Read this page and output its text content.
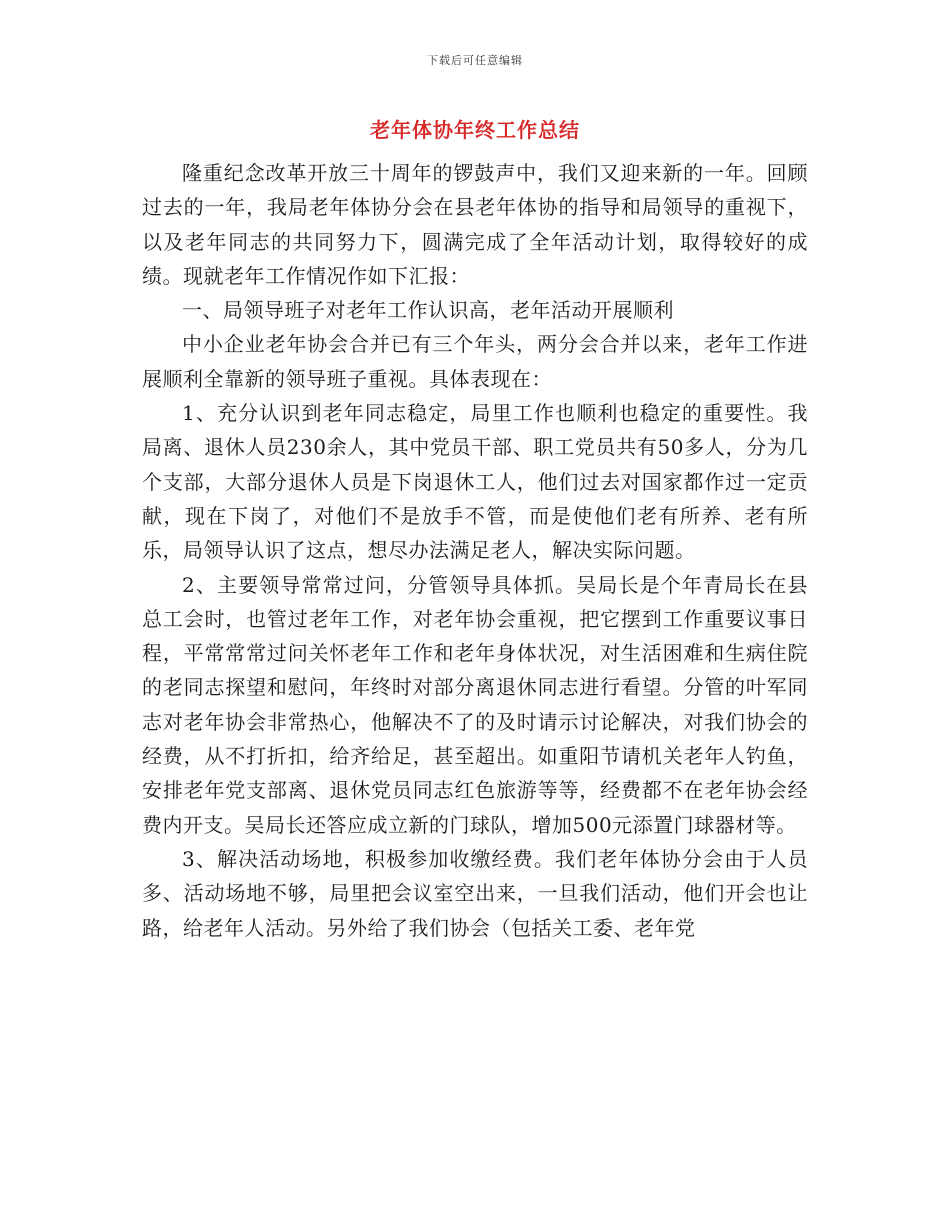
下载后可任意编辑
老年体协年终工作总结

隆重纪念改革开放三十周年的锣鼓声中，我们又迎来新的一年。回顾过去的一年，我局老年体协分会在县老年体协的指导和局领导的重视下，以及老年同志的共同努力下，圆满完成了全年活动计划，取得较好的成绩。现就老年工作情况作如下汇报：

一、局领导班子对老年工作认识高，老年活动开展顺利

中小企业老年协会合并已有三个年头，两分会合并以来，老年工作进展顺利全靠新的领导班子重视。具体表现在：

1、充分认识到老年同志稳定，局里工作也顺利也稳定的重要性。我局离、退休人员230余人，其中党员干部、职工党员共有50多人，分为几个支部，大部分退休人员是下岗退休工人，他们过去对国家都作过一定贡献，现在下岗了，对他们不是放手不管，而是使他们老有所养、老有所乐，局领导认识了这点，想尽办法满足老人，解决实际问题。

2、主要领导常常过问，分管领导具体抓。吴局长是个年青局长在县总工会时，也管过老年工作，对老年协会重视，把它摆到工作重要议事日程，平常常常过问关怀老年工作和老年身体状况，对生活困难和生病住院的老同志探望和慰问，年终时对部分离退休同志进行看望。分管的叶军同志对老年协会非常热心，他解决不了的及时请示讨论解决，对我们协会的经费，从不打折扣，给齐给足，甚至超出。如重阳节请机关老年人钓鱼，安排老年党支部离、退休党员同志红色旅游等等，经费都不在老年协会经费内开支。吴局长还答应成立新的门球队，增加500元添置门球器材等。

3、解决活动场地，积极参加收缴经费。我们老年体协分会由于人员多、活动场地不够，局里把会议室空出来，一旦我们活动，他们开会也让路，给老年人活动。另外给了我们协会（包括关工委、老年党
